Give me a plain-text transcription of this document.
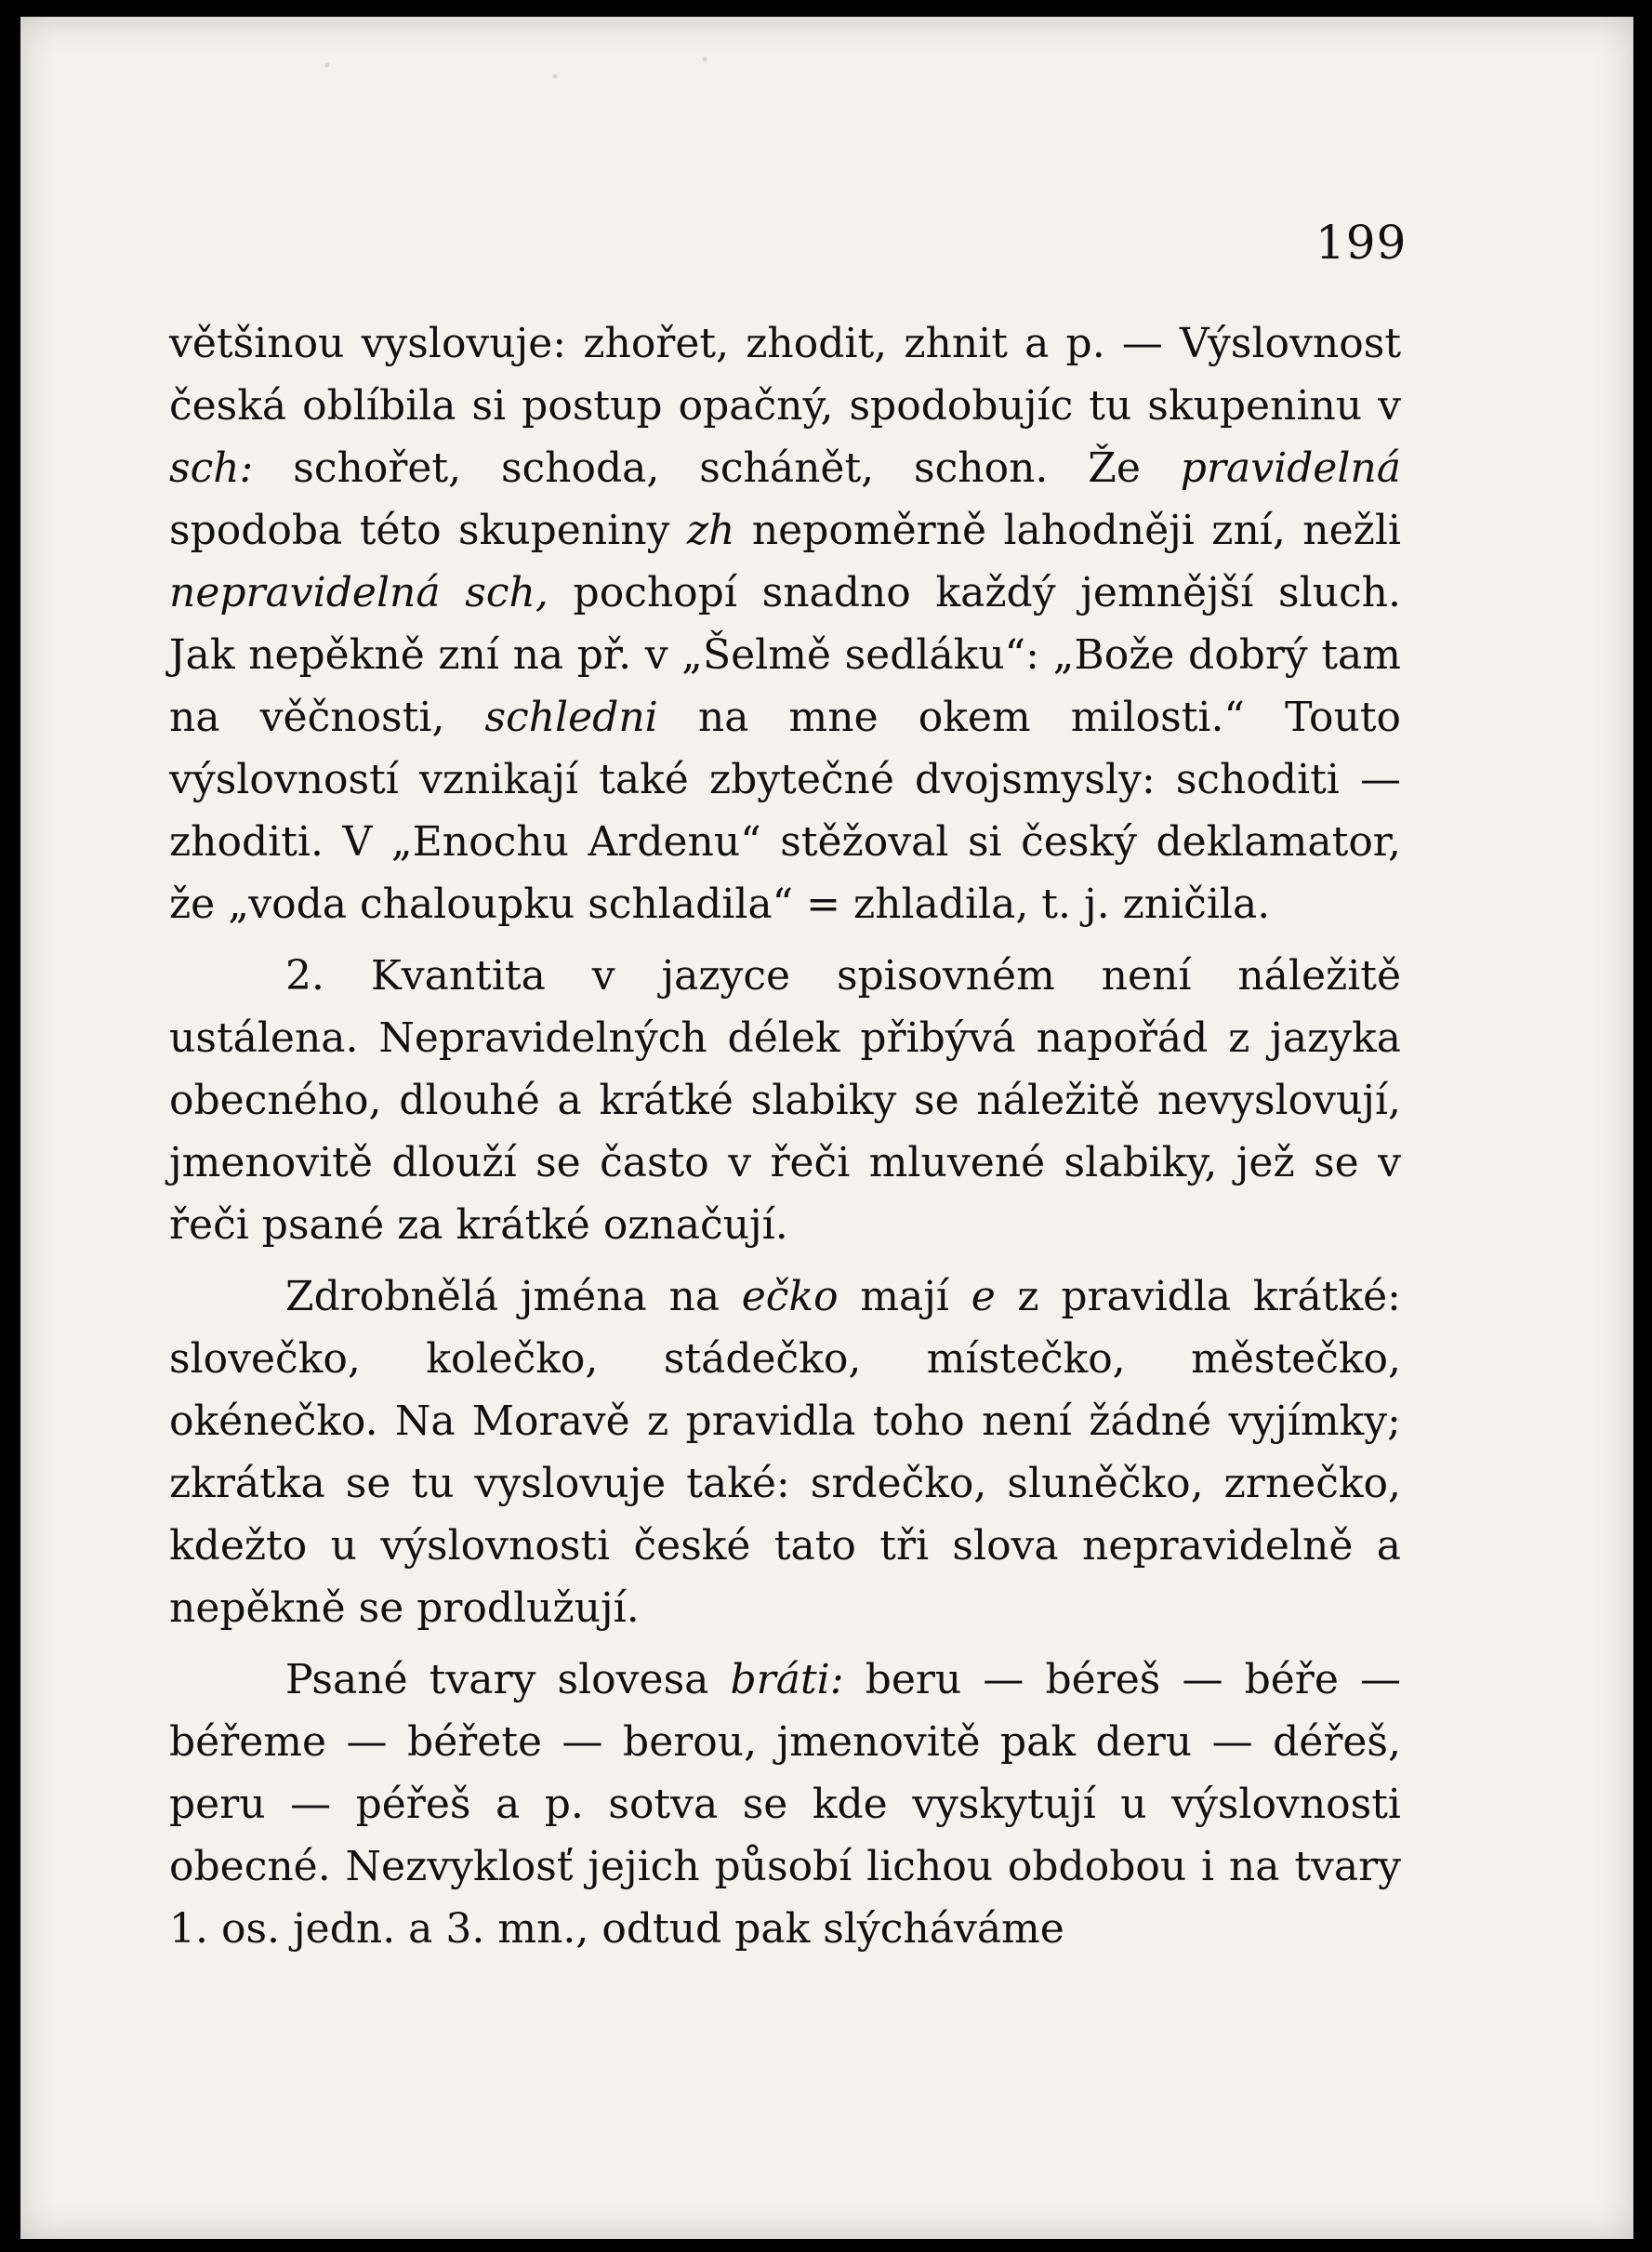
199

většinou vyslovuje: zhořet, zhodit, zhnit a p. — Výslovnost česká oblíbila si postup opačný, spodobujíc tu skupeninu v sch: schořet, schoda, schánět, schon. Že pravidelná spodoba této skupeniny zh nepoměrně lahodněji zní, nežli nepravidelná sch, pochopí snadno každý jemnější sluch. Jak nepěkně zní na př. v „Šelmě sedláku“: „Bože dobrý tam na věčnosti, schledni na mne okem milosti.“ Touto výslovností vznikají také zbytečné dvojsmysly: schoditi — zhoditi. V „Enochu Ardenu“ stěžoval si český deklamator, že „voda chaloupku schladila“ = zhladila, t. j. zničila.

2. Kvantita v jazyce spisovném není náležitě ustálena. Nepravidelných délek přibývá napořád z jazyka obecného, dlouhé a krátké slabiky se náležitě nevyslovují, jmenovitě dlouží se často v řeči mluvené slabiky, jež se v řeči psané za krátké označují.

Zdrobnělá jména na ečko mají e z pravidla krátké: slovečko, kolečko, stádečko, místečko, městečko, okénečko. Na Moravě z pravidla toho není žádné vyjímky; zkrátka se tu vyslovuje také: srdečko, sluněčko, zrnečko, kdežto u výslovnosti české tato tři slova nepravidelně a nepěkně se prodlužují.

Psané tvary slovesa bráti: beru — béreš — béře — béřeme — béřete — berou, jmenovitě pak deru — déřeš, peru — péřeš a p. sotva se kde vyskytují u výslovnosti obecné. Nezvyklosť jejich působí lichou obdobou i na tvary 1. os. jedn. a 3. mn., odtud pak slýcháváme
